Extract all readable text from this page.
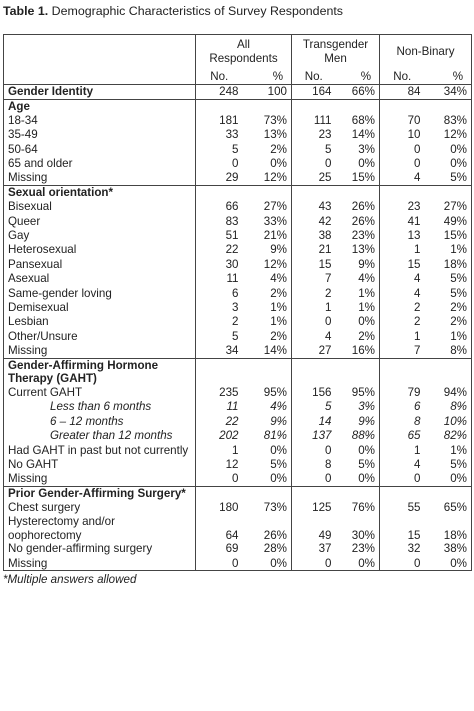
Table 1. Demographic Characteristics of Survey Respondents
	All Respondents		Transgender Men		Non-Binary	
	No.	%	No.	%	No.	%
Gender Identity	248	100	164	66%	84	34%
Age						
18-34	181	73%	111	68%	70	83%
35-49	33	13%	23	14%	10	12%
50-64	5	2%	5	3%	0	0%
65 and older	0	0%	0	0%	0	0%
Missing	29	12%	25	15%	4	5%
Sexual orientation*						
Bisexual	66	27%	43	26%	23	27%
Queer	83	33%	42	26%	41	49%
Gay	51	21%	38	23%	13	15%
Heterosexual	22	9%	21	13%	1	1%
Pansexual	30	12%	15	9%	15	18%
Asexual	11	4%	7	4%	4	5%
Same-gender loving	6	2%	2	1%	4	5%
Demisexual	3	1%	1	1%	2	2%
Lesbian	2	1%	0	0%	2	2%
Other/Unsure	5	2%	4	2%	1	1%
Missing	34	14%	27	16%	7	8%
Gender-Affirming Hormone Therapy (GAHT)						
Current GAHT	235	95%	156	95%	79	94%
Less than 6 months	11	4%	5	3%	6	8%
6 – 12 months	22	9%	14	9%	8	10%
Greater than 12 months	202	81%	137	88%	65	82%
Had GAHT in past but not currently	1	0%	0	0%	1	1%
No GAHT	12	5%	8	5%	4	5%
Missing	0	0%	0	0%	0	0%
Prior Gender-Affirming Surgery*						
Chest surgery	180	73%	125	76%	55	65%
Hysterectomy and/or oophorectomy	64	26%	49	30%	15	18%
No gender-affirming surgery	69	28%	37	23%	32	38%
Missing	0	0%	0	0%	0	0%
*Multiple answers allowed
